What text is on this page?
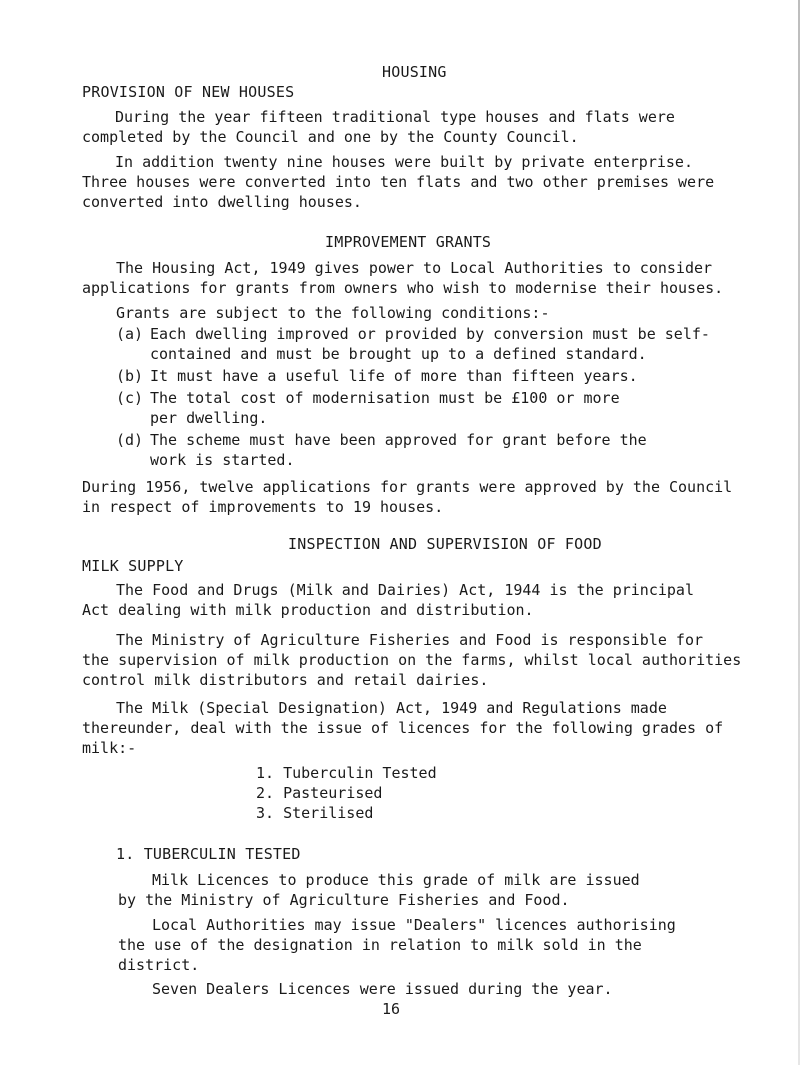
HOUSING
PROVISION OF NEW HOUSES
During the year fifteen traditional type houses and flats were
completed by the Council and one by the County Council.
In addition twenty nine houses were built by private enterprise.
Three houses were converted into ten flats and two other premises were
converted into dwelling houses.
IMPROVEMENT GRANTS
The Housing Act, 1949 gives power to Local Authorities to consider
applications for grants from owners who wish to modernise their houses.
Grants are subject to the following conditions:-
(a) Each dwelling improved or provided by conversion must be self-
contained and must be brought up to a defined standard.
(b) It must have a useful life of more than fifteen years.
(c) The total cost of modernisation must be £100 or more
per dwelling.
(d) The scheme must have been approved for grant before the
work is started.
During 1956, twelve applications for grants were approved by the Council
in respect of improvements to 19 houses.
INSPECTION AND SUPERVISION OF FOOD
MILK SUPPLY
The Food and Drugs (Milk and Dairies) Act, 1944 is the principal
Act dealing with milk production and distribution.
The Ministry of Agriculture Fisheries and Food is responsible for
the supervision of milk production on the farms, whilst local authorities
control milk distributors and retail dairies.
The Milk (Special Designation) Act, 1949 and Regulations made
thereunder, deal with the issue of licences for the following grades of
milk:-
1. Tuberculin Tested
2. Pasteurised
3. Sterilised
1. TUBERCULIN TESTED
Milk Licences to produce this grade of milk are issued
by the Ministry of Agriculture Fisheries and Food.
Local Authorities may issue "Dealers" licences authorising
the use of the designation in relation to milk sold in the
district.
Seven Dealers Licences were issued during the year.
16
